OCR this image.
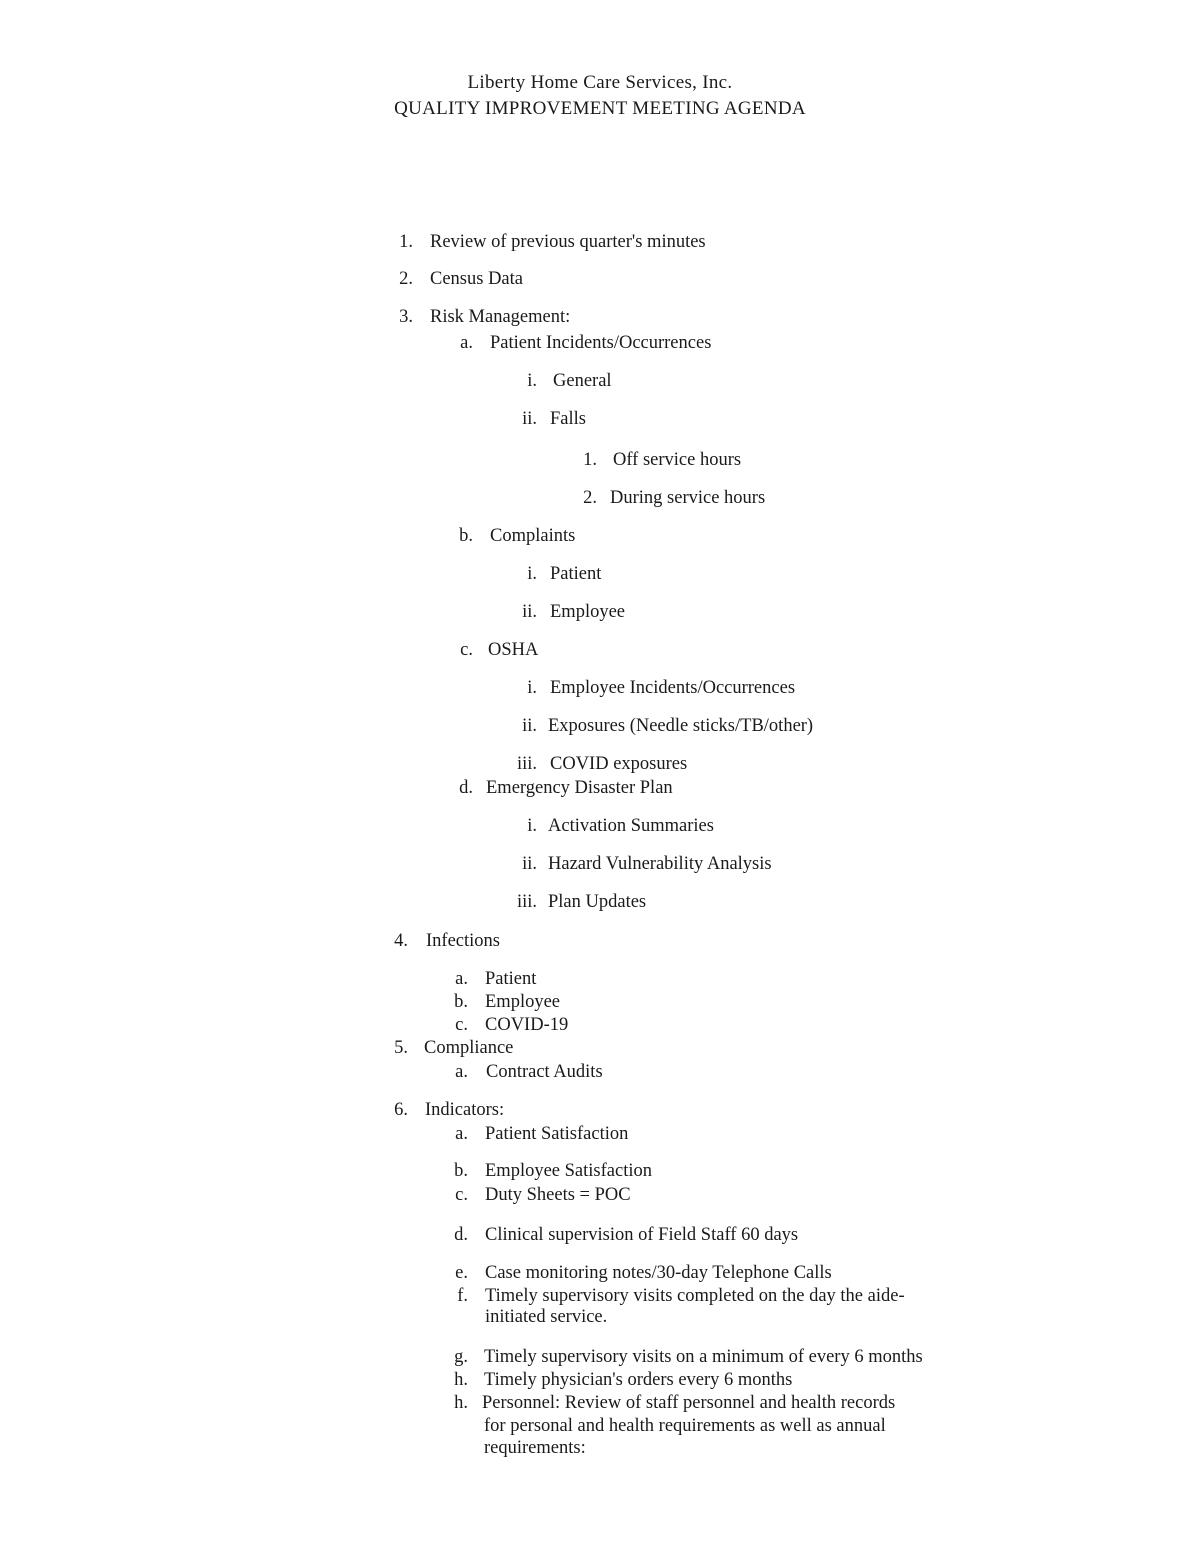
Liberty Home Care Services, Inc.
QUALITY IMPROVEMENT MEETING AGENDA
1. Review of previous quarter's minutes
2. Census Data
3. Risk Management:
a. Patient Incidents/Occurrences
i. General
ii. Falls
1. Off service hours
2. During service hours
b. Complaints
i. Patient
ii. Employee
c. OSHA
i. Employee Incidents/Occurrences
ii. Exposures (Needle sticks/TB/other)
iii. COVID exposures
d. Emergency Disaster Plan
i. Activation Summaries
ii. Hazard Vulnerability Analysis
iii. Plan Updates
4. Infections
a. Patient
b. Employee
c. COVID-19
5. Compliance
a. Contract Audits
6. Indicators:
a. Patient Satisfaction
b. Employee Satisfaction
c. Duty Sheets = POC
d. Clinical supervision of Field Staff 60 days
e. Case monitoring notes/30-day Telephone Calls
f. Timely supervisory visits completed on the day the aide-
initiated service.
g. Timely supervisory visits on a minimum of every 6 months
h. Timely physician's orders every 6 months
h. Personnel: Review of staff personnel and health records
for personal and health requirements as well as annual
requirements:
